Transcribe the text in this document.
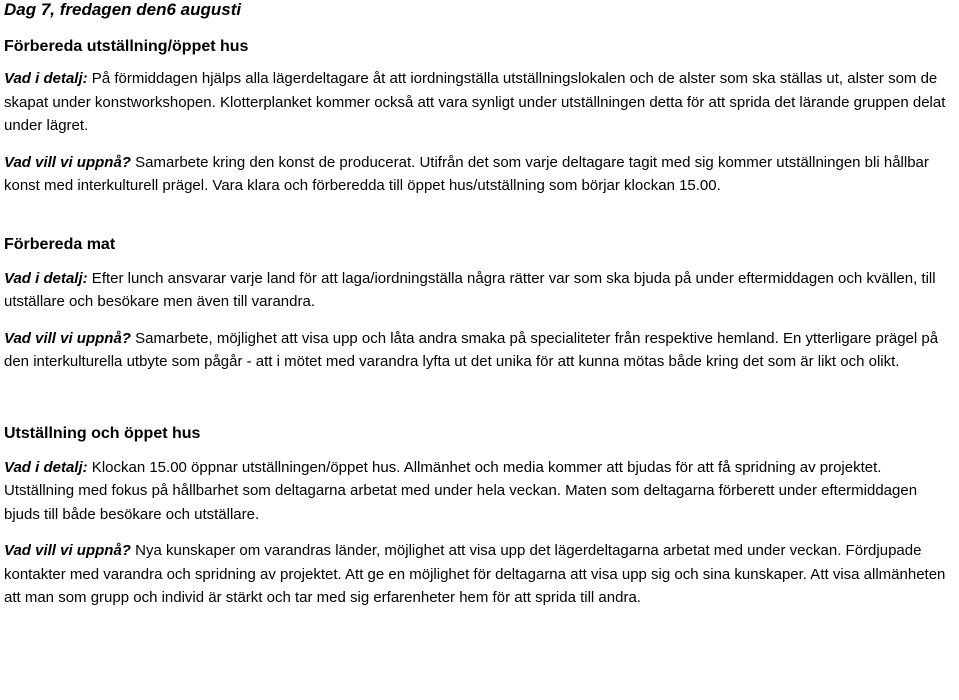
Dag 7, fredagen den6 augusti
Förbereda utställning/öppet hus

Vad i detalj: På förmiddagen hjälps alla lägerdeltagare åt att iordningställa utställningslokalen och de alster som ska ställas ut, alster som de skapat under konstworkshopen. Klotterplanket kommer också att vara synligt under utställningen detta för att sprida det lärande gruppen delat under lägret.

Vad vill vi uppnå? Samarbete kring den konst de producerat. Utifrån det som varje deltagare tagit med sig kommer utställningen bli hållbar konst med interkulturell prägel. Vara klara och förberedda till öppet hus/utställning som börjar klockan 15.00.

Förbereda mat

Vad i detalj: Efter lunch ansvarar varje land för att laga/iordningställa några rätter var som ska bjuda på under eftermiddagen och kvällen, till utställare och besökare men även till varandra.

Vad vill vi uppnå? Samarbete, möjlighet att visa upp och låta andra smaka på specialiteter från respektive hemland. En ytterligare prägel på den interkulturella utbyte som pågår - att i mötet med varandra lyfta ut det unika för att kunna mötas både kring det som är likt och olikt.

Utställning och öppet hus

Vad i detalj: Klockan 15.00 öppnar utställningen/öppet hus. Allmänhet och media kommer att bjudas för att få spridning av projektet. Utställning med fokus på hållbarhet som deltagarna arbetat med under hela veckan. Maten som deltagarna förberett under eftermiddagen bjuds till både besökare och utställare.

Vad vill vi uppnå? Nya kunskaper om varandras länder, möjlighet att visa upp det lägerdeltagarna arbetat med under veckan. Fördjupade kontakter med varandra och spridning av projektet. Att ge en möjlighet för deltagarna att visa upp sig och sina kunskaper. Att visa allmänheten att man som grupp och individ är stärkt och tar med sig erfarenheter hem för att sprida till andra.
